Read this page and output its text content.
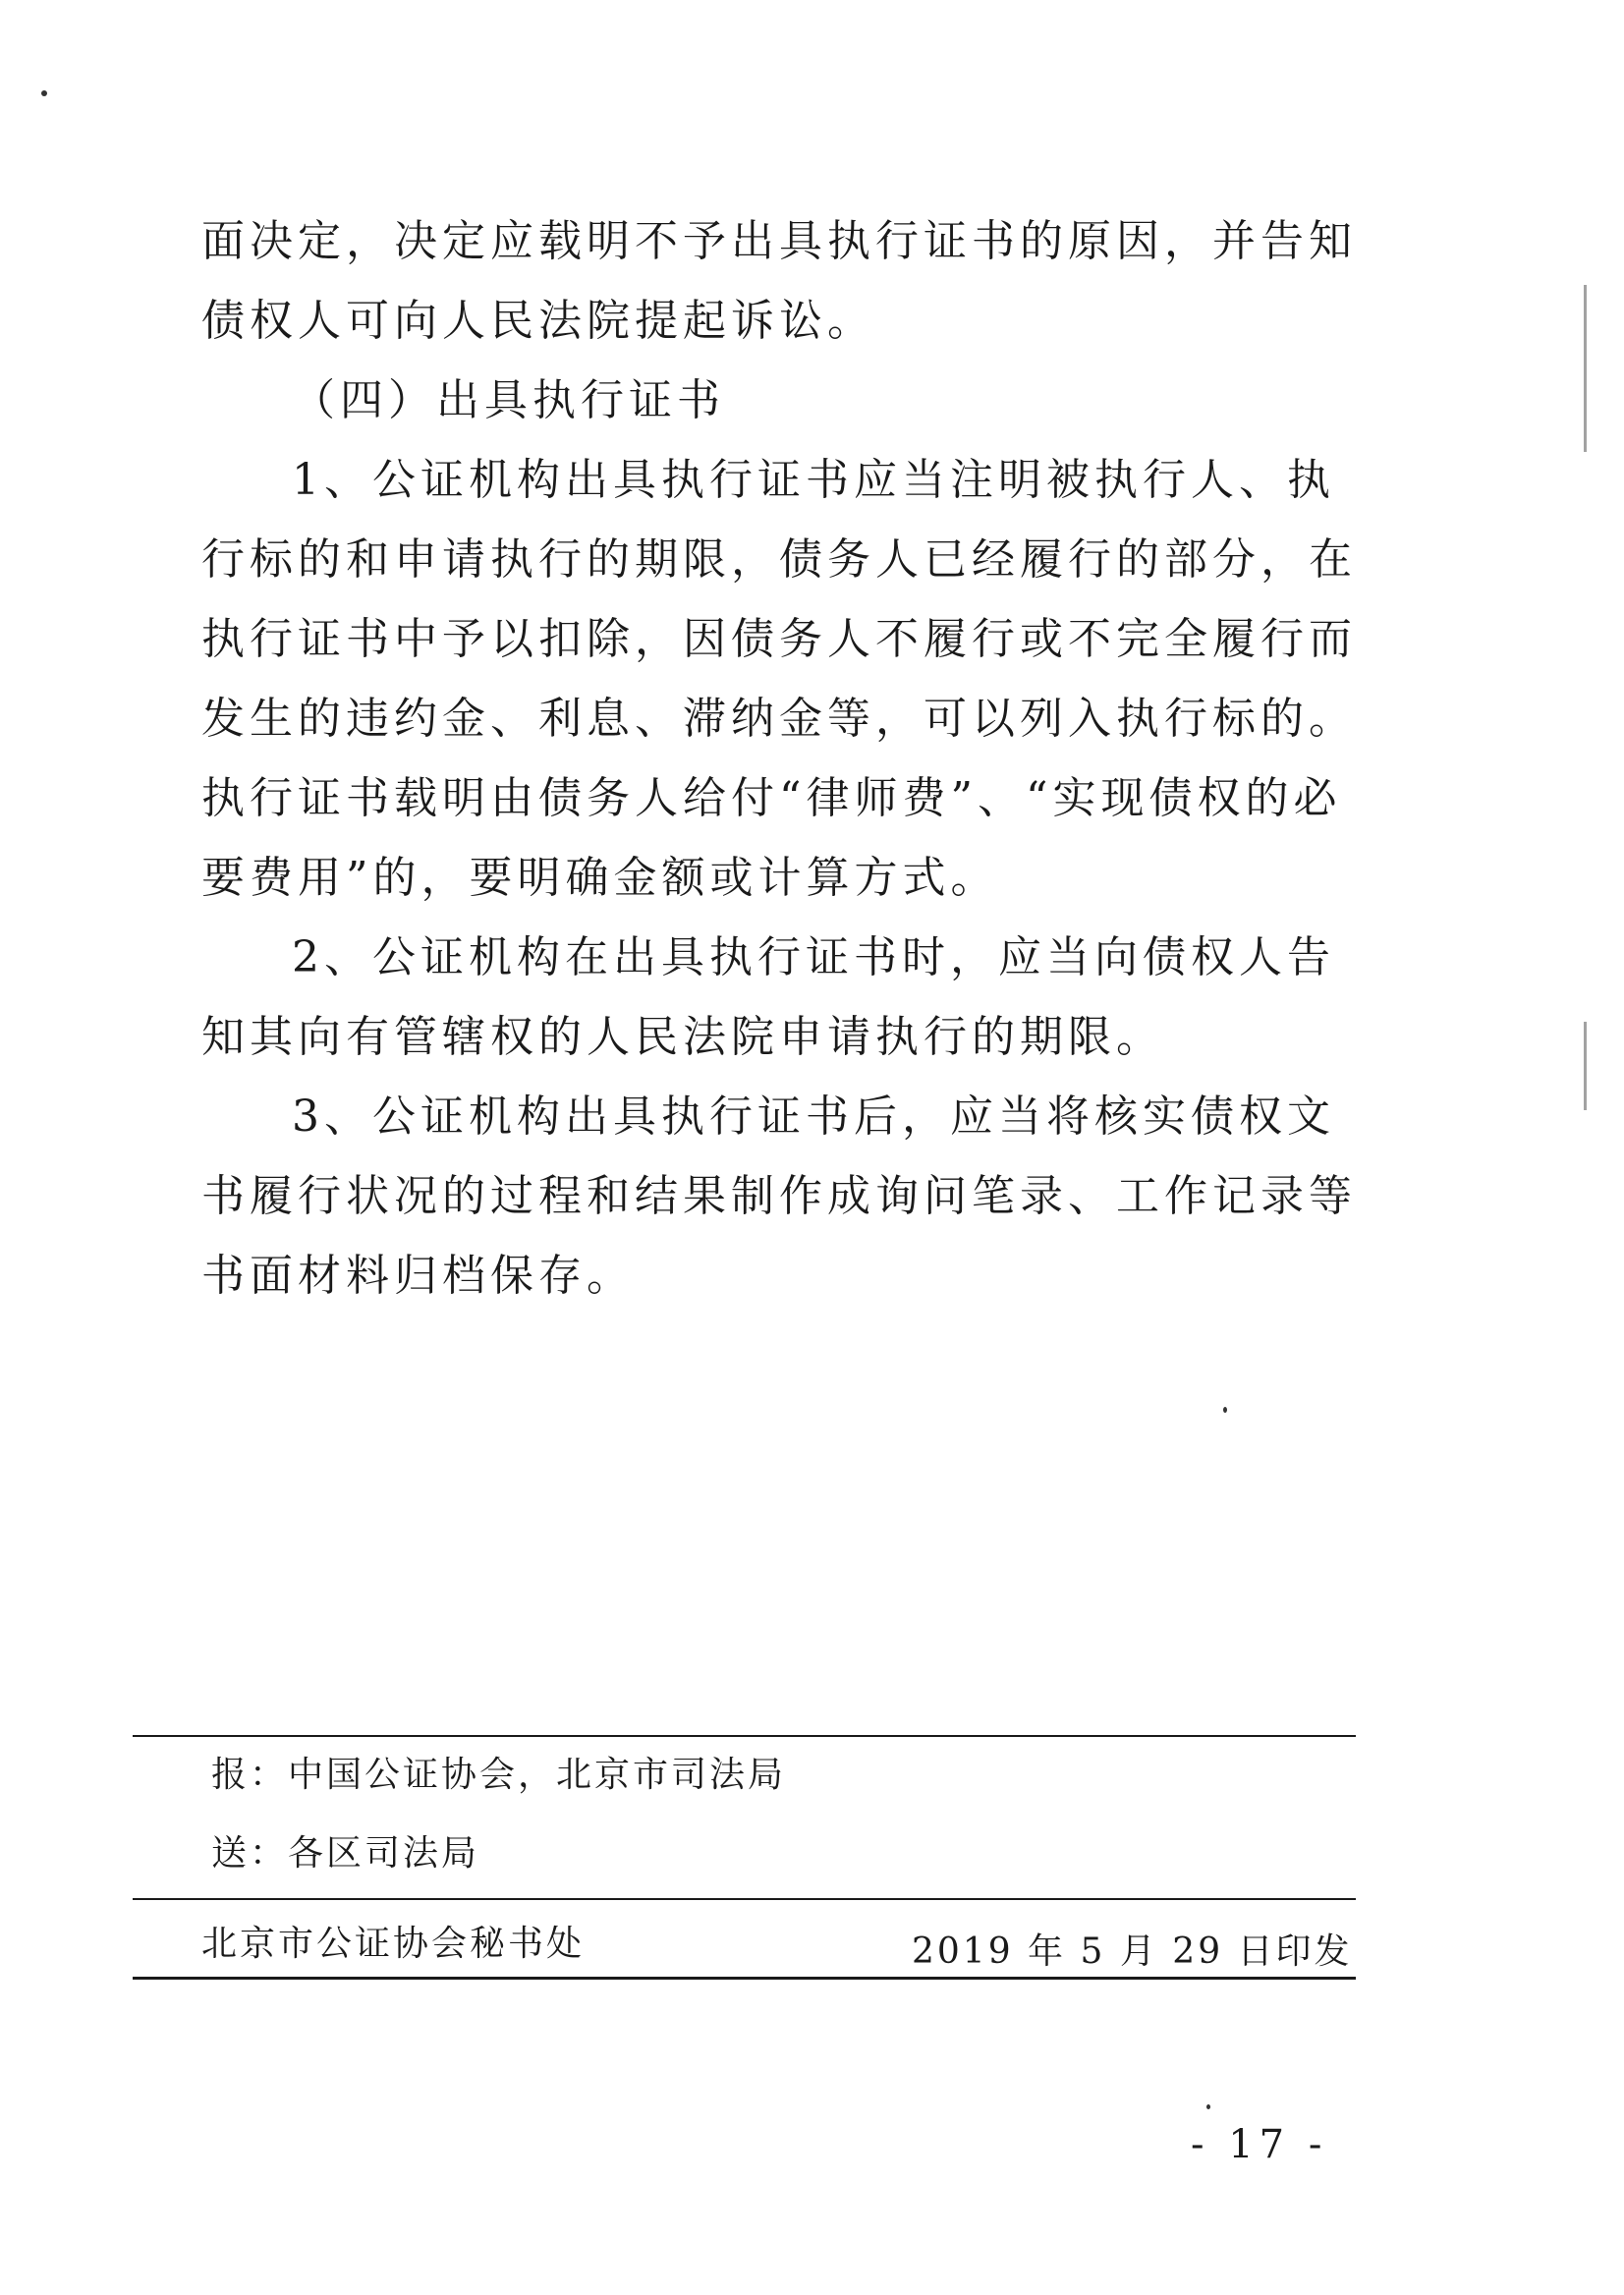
面决定，决定应载明不予出具执行证书的原因，并告知债权人可向人民法院提起诉讼。

（四）出具执行证书

1、公证机构出具执行证书应当注明被执行人、执行标的和申请执行的期限，债务人已经履行的部分，在执行证书中予以扣除，因债务人不履行或不完全履行而发生的违约金、利息、滞纳金等，可以列入执行标的。执行证书载明由债务人给付“律师费”、“实现债权的必要费用”的，要明确金额或计算方式。

2、公证机构在出具执行证书时，应当向债权人告知其向有管辖权的人民法院申请执行的期限。

3、公证机构出具执行证书后，应当将核实债权文书履行状况的过程和结果制作成询问笔录、工作记录等书面材料归档保存。

报：中国公证协会，北京市司法局
送：各区司法局
北京市公证协会秘书处	2019 年 5 月 29 日印发
- 17 -
